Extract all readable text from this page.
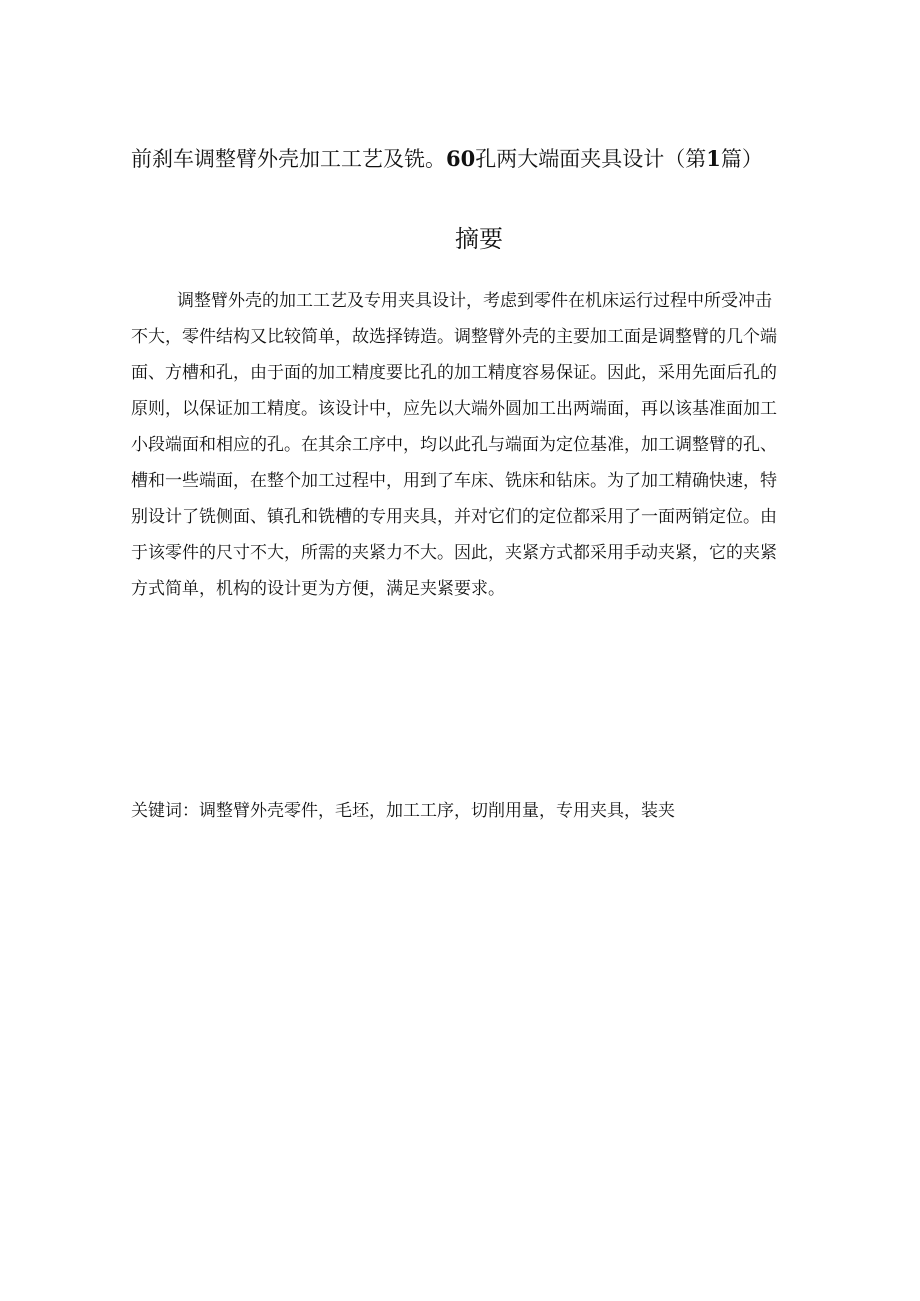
前刹车调整臂外壳加工工艺及铣。60孔两大端面夹具设计（第1篇）
摘要
调整臂外壳的加工工艺及专用夹具设计，考虑到零件在机床运行过程中所受冲击
不大，零件结构又比较简单，故选择铸造。调整臂外壳的主要加工面是调整臂的几个端
面、方槽和孔，由于面的加工精度要比孔的加工精度容易保证。因此，采用先面后孔的
原则，以保证加工精度。该设计中，应先以大端外圆加工出两端面，再以该基准面加工
小段端面和相应的孔。在其余工序中，均以此孔与端面为定位基准，加工调整臂的孔、
槽和一些端面，在整个加工过程中，用到了车床、铣床和钻床。为了加工精确快速，特
别设计了铣侧面、镇孔和铣槽的专用夹具，并对它们的定位都采用了一面两销定位。由
于该零件的尺寸不大，所需的夹紧力不大。因此，夹紧方式都采用手动夹紧，它的夹紧
方式简单，机构的设计更为方便，满足夹紧要求。

关键词：调整臂外壳零件，毛坯，加工工序，切削用量，专用夹具，装夹
